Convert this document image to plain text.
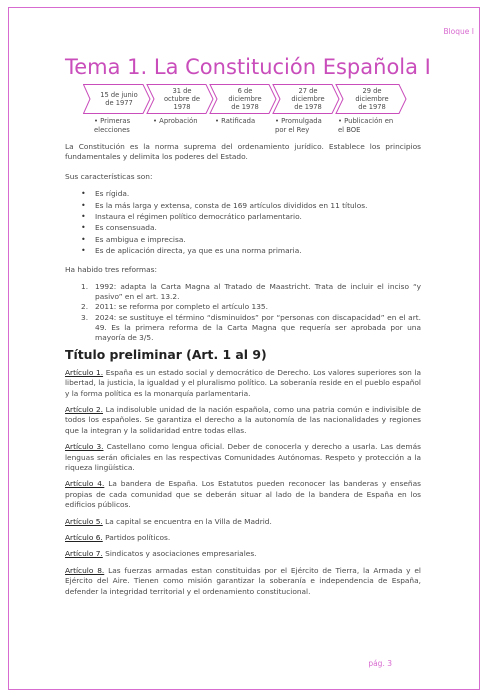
Bloque I
Tema 1. La Constitución Española I
15 de junio
de 1977
31 de
octubre de
1978
6 de
diciembre
de 1978
27 de
diciembre
de 1978
29 de
diciembre
de 1978
• Primeras
elecciones
• Aprobación	• Ratificada	• Promulgada
por el Rey
• Publicación en
el BOE

La Constitución es la norma suprema del ordenamiento jurídico. Establece los principios fundamentales y delimita los poderes del Estado.

Sus características son:

• Es rígida.
• Es la más larga y extensa, consta de 169 artículos divididos en 11 títulos.
• Instaura el régimen político democrático parlamentario.
• Es consensuada.
• Es ambigua e imprecisa.
• Es de aplicación directa, ya que es una norma primaria.

Ha habido tres reformas:

1. 1992: adapta la Carta Magna al Tratado de Maastricht. Trata de incluir el inciso “y pasivo” en el art. 13.2.
2. 2011: se reforma por completo el artículo 135.
3. 2024: se sustituye el término “disminuidos” por “personas con discapacidad” en el art. 49. Es la primera reforma de la Carta Magna que requería ser aprobada por una mayoría de 3/5.
Título preliminar (Art. 1 al 9)

Artículo 1. España es un estado social y democrático de Derecho. Los valores superiores son la libertad, la justicia, la igualdad y el pluralismo político. La soberanía reside en el pueblo español y la forma política es la monarquía parlamentaria.

Artículo 2. La indisoluble unidad de la nación española, como una patria común e indivisible de todos los españoles. Se garantiza el derecho a la autonomía de las nacionalidades y regiones que la integran y la solidaridad entre todas ellas.

Artículo 3. Castellano como lengua oficial. Deber de conocerla y derecho a usarla. Las demás lenguas serán oficiales en las respectivas Comunidades Autónomas. Respeto y protección a la riqueza lingüística.

Artículo 4. La bandera de España. Los Estatutos pueden reconocer las banderas y enseñas propias de cada comunidad que se deberán situar al lado de la bandera de España en los edificios públicos.

Artículo 5. La capital se encuentra en la Villa de Madrid.

Artículo 6. Partidos políticos.

Artículo 7. Sindicatos y asociaciones empresariales.

Artículo 8. Las fuerzas armadas estan constituidas por el Ejército de Tierra, la Armada y el Ejército del Aire. Tienen como misión garantizar la soberanía e independencia de España, defender la integridad territorial y el ordenamiento constitucional.

pág. 3
